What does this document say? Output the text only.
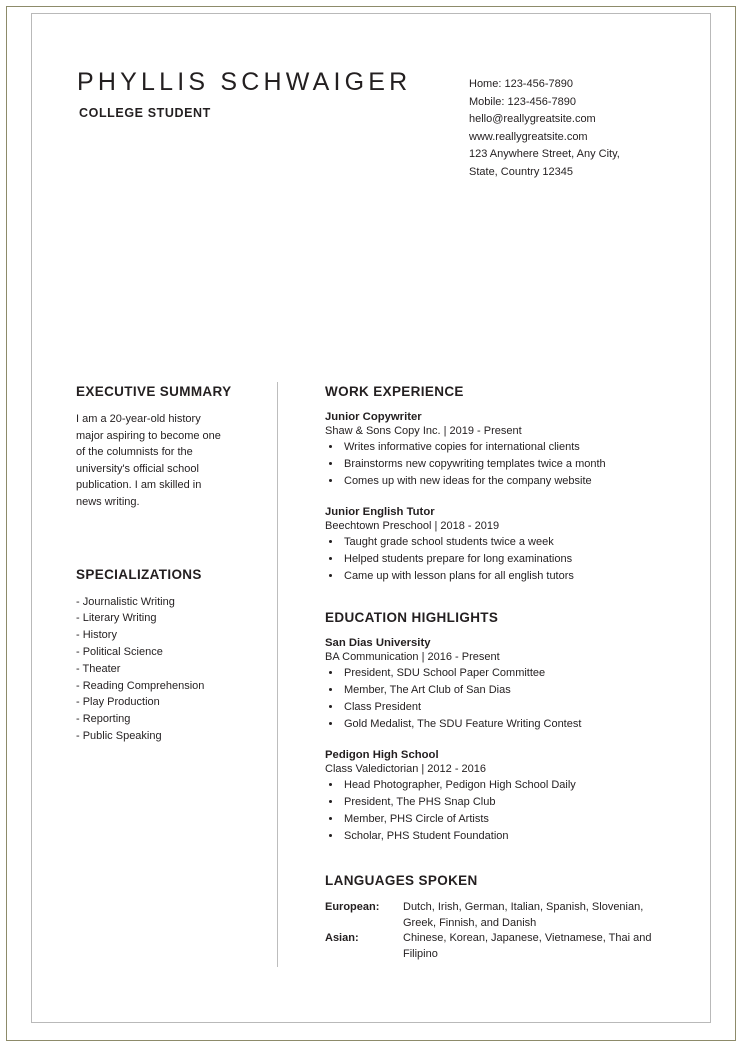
PHYLLIS SCHWAIGER
COLLEGE STUDENT
Home: 123-456-7890
Mobile: 123-456-7890
hello@reallygreatsite.com
www.reallygreatsite.com
123 Anywhere Street, Any City,
State, Country 12345
EXECUTIVE SUMMARY
I am a 20-year-old history major aspiring to become one of the columnists for the university's official school publication. I am skilled in news writing.
SPECIALIZATIONS
- Journalistic Writing
- Literary Writing
- History
- Political Science
- Theater
- Reading Comprehension
- Play Production
- Reporting
- Public Speaking
WORK EXPERIENCE
Junior Copywriter
Shaw & Sons Copy Inc. | 2019 - Present
• Writes informative copies for international clients
• Brainstorms new copywriting templates twice a month
• Comes up with new ideas for the company website
Junior English Tutor
Beechtown Preschool | 2018 - 2019
• Taught grade school students twice a week
• Helped students prepare for long examinations
• Came up with lesson plans for all english tutors
EDUCATION HIGHLIGHTS
San Dias University
BA Communication | 2016 - Present
• President, SDU School Paper Committee
• Member, The Art Club of San Dias
• Class President
• Gold Medalist, The SDU Feature Writing Contest
Pedigon High School
Class Valedictorian | 2012 - 2016
• Head Photographer, Pedigon High School Daily
• President, The PHS Snap Club
• Member, PHS Circle of Artists
• Scholar, PHS Student Foundation
LANGUAGES SPOKEN
European:	Dutch, Irish, German, Italian, Spanish, Slovenian, Greek, Finnish, and Danish
Asian:	Chinese, Korean, Japanese, Vietnamese, Thai and Filipino
